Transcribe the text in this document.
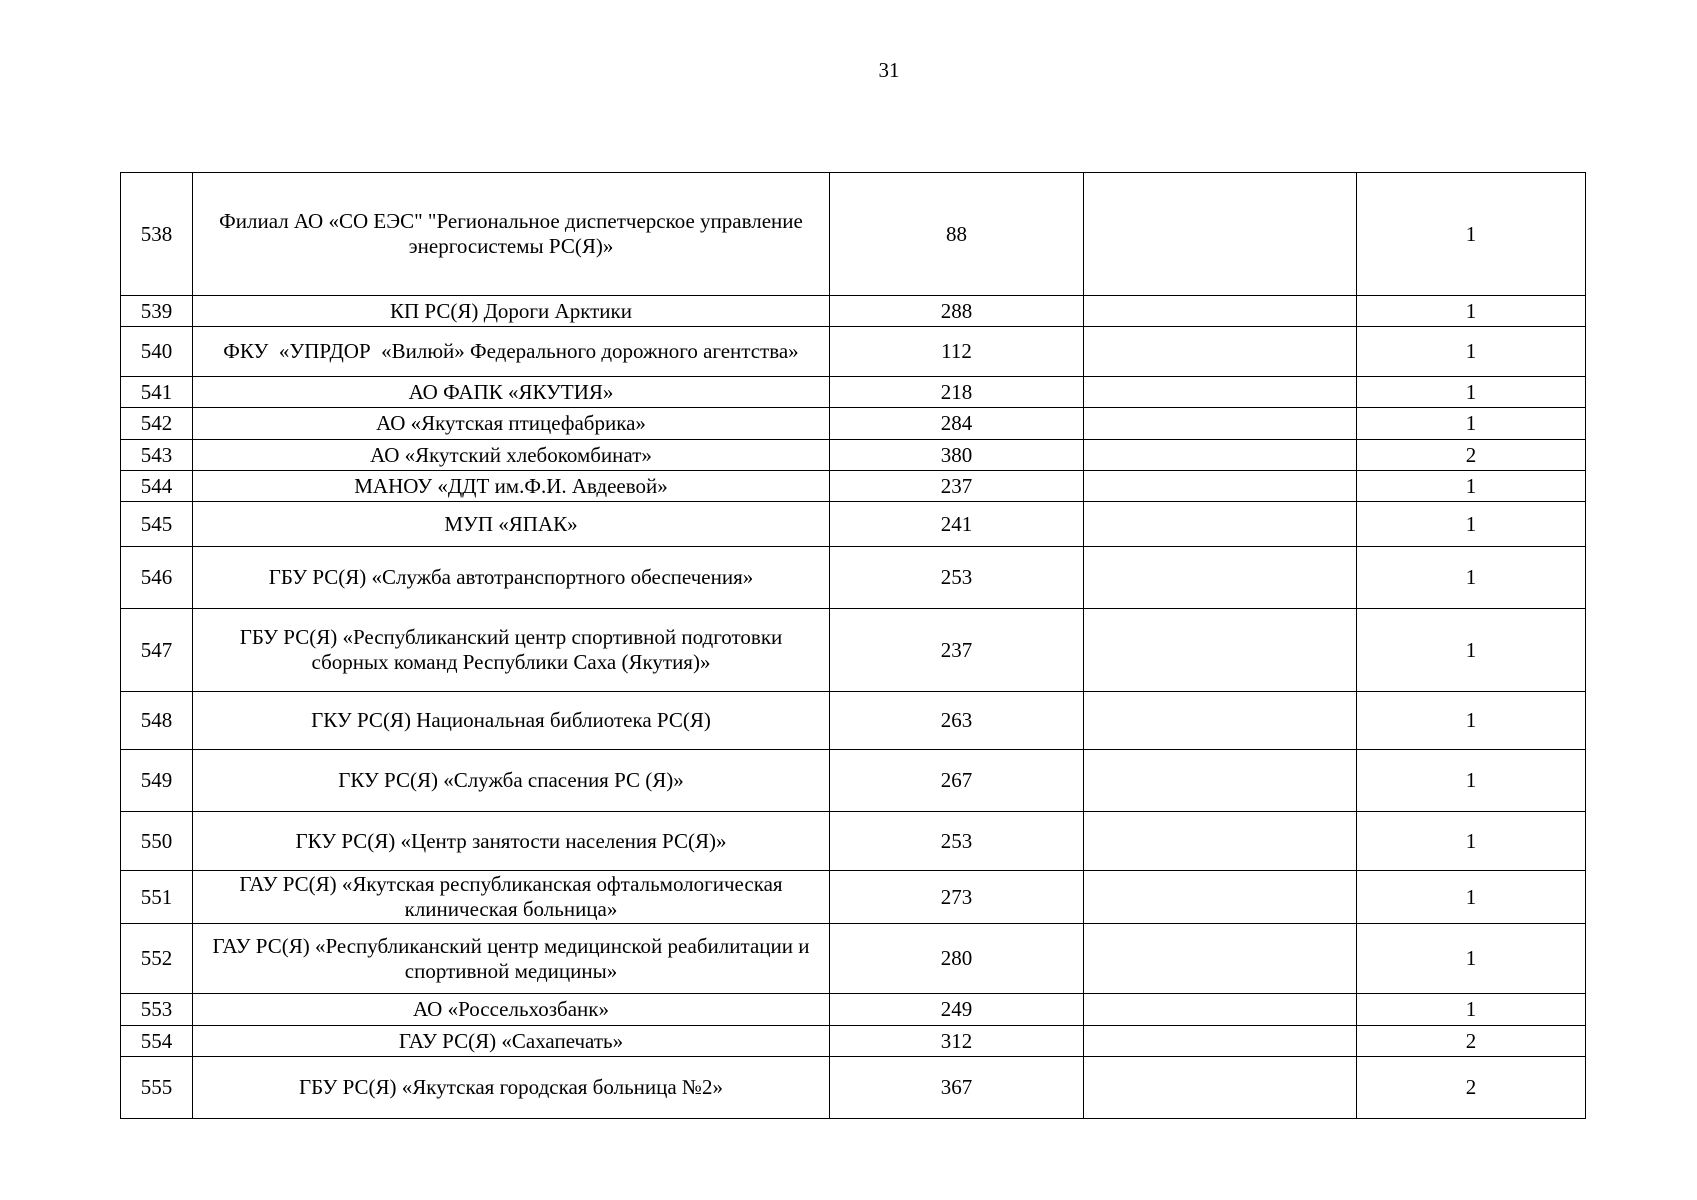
31
538	Филиал АО «СО ЕЭС" "Региональное диспетчерское управление энергосистемы РС(Я)»	88		1
539	КП РС(Я) Дороги Арктики	288		1
540	ФКУ  «УПРДОР  «Вилюй» Федерального дорожного агентства»	112		1
541	АО ФАПК «ЯКУТИЯ»	218		1
542	АО «Якутская птицефабрика»	284		1
543	АО «Якутский хлебокомбинат»	380		2
544	МАНОУ «ДДТ им.Ф.И. Авдеевой»	237		1
545	МУП «ЯПАК»	241		1
546	ГБУ РС(Я) «Служба автотранспортного обеспечения»	253		1
547	ГБУ РС(Я) «Республиканский центр спортивной подготовки сборных команд Республики Саха (Якутия)»	237		1
548	ГКУ РС(Я) Национальная библиотека РС(Я)	263		1
549	ГКУ РС(Я) «Служба спасения РС (Я)»	267		1
550	ГКУ РС(Я) «Центр занятости населения РС(Я)»	253		1
551	ГАУ РС(Я) «Якутская республиканская офтальмологическая клиническая больница»	273		1
552	ГАУ РС(Я) «Республиканский центр медицинской реабилитации и спортивной медицины»	280		1
553	АО «Россельхозбанк»	249		1
554	ГАУ РС(Я) «Сахапечать»	312		2
555	ГБУ РС(Я) «Якутская городская больница №2»	367		2
